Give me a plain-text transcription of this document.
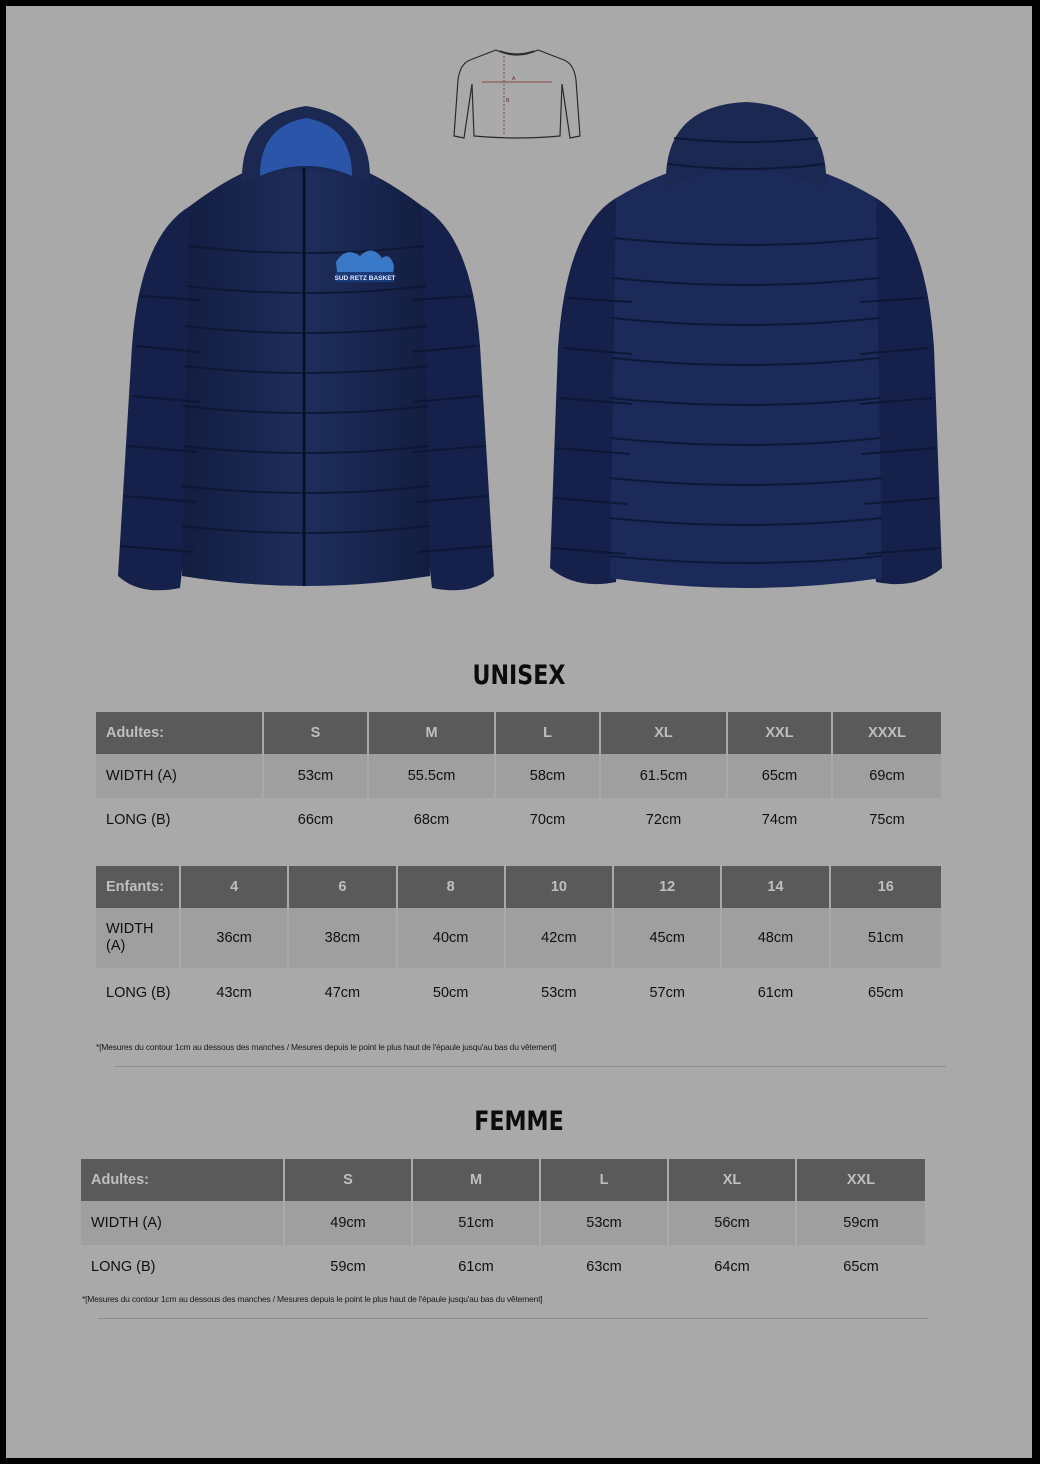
A
B
SUD RETZ BASKET
UNISEX
Adultes:	S	M	L	XL	XXL	XXXL
WIDTH (A)	53cm	55.5cm	58cm	61.5cm	65cm	69cm
LONG (B)	66cm	68cm	70cm	72cm	74cm	75cm
Enfants:	4	6	8	10	12	14	16
WIDTH (A)	36cm	38cm	40cm	42cm	45cm	48cm	51cm
LONG (B)	43cm	47cm	50cm	53cm	57cm	61cm	65cm
*[Mesures du contour 1cm au dessous des manches / Mesures depuis le point le plus haut de l'épaule jusqu'au bas du vêtement]
FEMME
Adultes:	S	M	L	XL	XXL
WIDTH (A)	49cm	51cm	53cm	56cm	59cm
LONG (B)	59cm	61cm	63cm	64cm	65cm
*[Mesures du contour 1cm au dessous des manches / Mesures depuis le point le plus haut de l'épaule jusqu'au bas du vêtement]
